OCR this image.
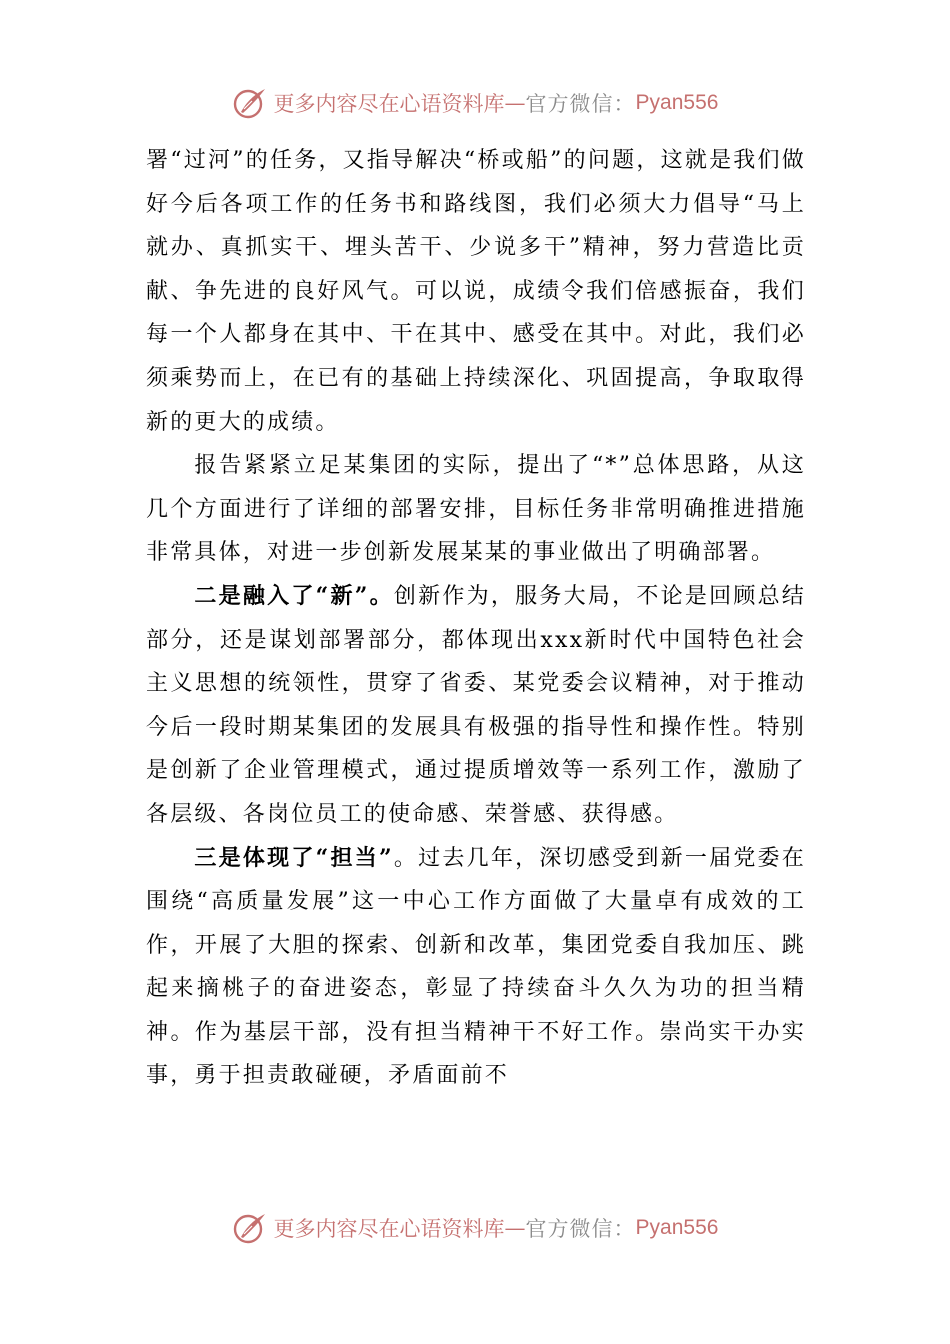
更多内容尽在心语资料库 — 官方微信： Pyan556

署“过河”的任务，又指导解决“桥或船”的问题，这就是我们做好今后各项工作的任务书和路线图，我们必须大力倡导“马上就办、真抓实干、埋头苦干、少说多干”精神，努力营造比贡献、争先进的良好风气。可以说，成绩令我们倍感振奋，我们每一个人都身在其中、干在其中、感受在其中。对此，我们必须乘势而上，在已有的基础上持续深化、巩固提高，争取取得新的更大的成绩。

报告紧紧立足某集团的实际，提出了“*”总体思路，从这几个方面进行了详细的部署安排，目标任务非常明确推进措施非常具体，对进一步创新发展某某的事业做出了明确部署。

二是融入了“新”。创新作为，服务大局，不论是回顾总结部分，还是谋划部署部分，都体现出xxx新时代中国特色社会主义思想的统领性，贯穿了省委、某党委会议精神，对于推动今后一段时期某集团的发展具有极强的指导性和操作性。特别是创新了企业管理模式，通过提质增效等一系列工作，激励了各层级、各岗位员工的使命感、荣誉感、获得感。

三是体现了“担当”。过去几年，深切感受到新一届党委在围绕“高质量发展”这一中心工作方面做了大量卓有成效的工作，开展了大胆的探索、创新和改革，集团党委自我加压、跳起来摘桃子的奋进姿态，彰显了持续奋斗久久为功的担当精神。作为基层干部，没有担当精神干不好工作。崇尚实干办实事，勇于担责敢碰硬，矛盾面前不

更多内容尽在心语资料库 — 官方微信： Pyan556
